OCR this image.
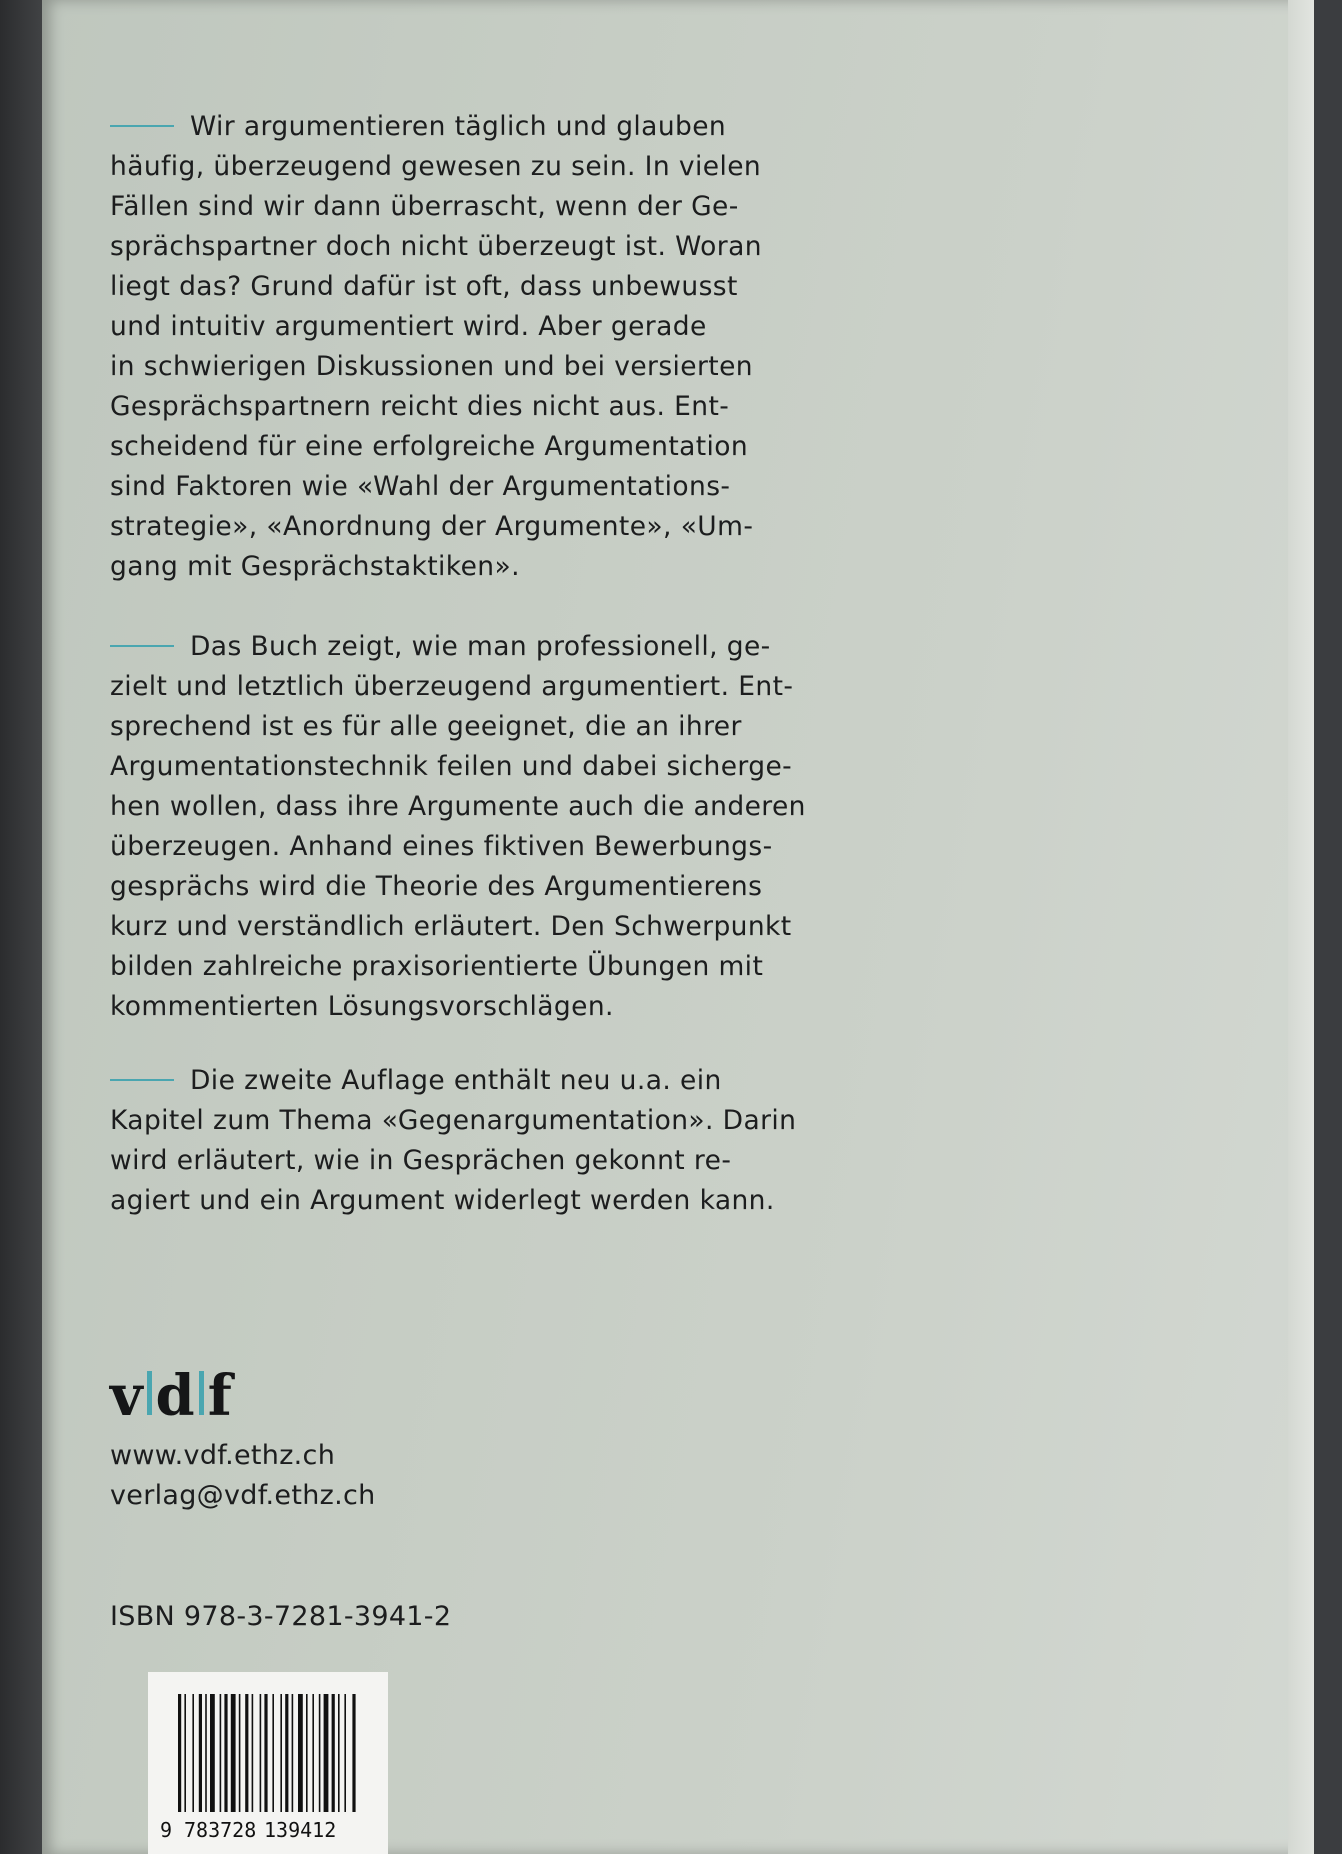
Wir argumentieren täglich und glauben
häufig, überzeugend gewesen zu sein. In vielen
Fällen sind wir dann überrascht, wenn der Ge-
sprächspartner doch nicht überzeugt ist. Woran
liegt das? Grund dafür ist oft, dass unbewusst
und intuitiv argumentiert wird. Aber gerade
in schwierigen Diskussionen und bei versierten
Gesprächspartnern reicht dies nicht aus. Ent-
scheidend für eine erfolgreiche Argumentation
sind Faktoren wie «Wahl der Argumentations-
strategie», «Anordnung der Argumente», «Um-
gang mit Gesprächstaktiken».

Das Buch zeigt, wie man professionell, ge-
zielt und letztlich überzeugend argumentiert. Ent-
sprechend ist es für alle geeignet, die an ihrer
Argumentationstechnik feilen und dabei sicherge-
hen wollen, dass ihre Argumente auch die anderen
überzeugen. Anhand eines fiktiven Bewerbungs-
gesprächs wird die Theorie des Argumentierens
kurz und verständlich erläutert. Den Schwerpunkt
bilden zahlreiche praxisorientierte Übungen mit
kommentierten Lösungsvorschlägen.

Die zweite Auflage enthält neu u.a. ein
Kapitel zum Thema «Gegenargumentation». Darin
wird erläutert, wie in Gesprächen gekonnt re-
agiert und ein Argument widerlegt werden kann.

v d f
www.vdf.ethz.ch
verlag@vdf.ethz.ch
ISBN 978-3-7281-3941-2
9 783728 139412
